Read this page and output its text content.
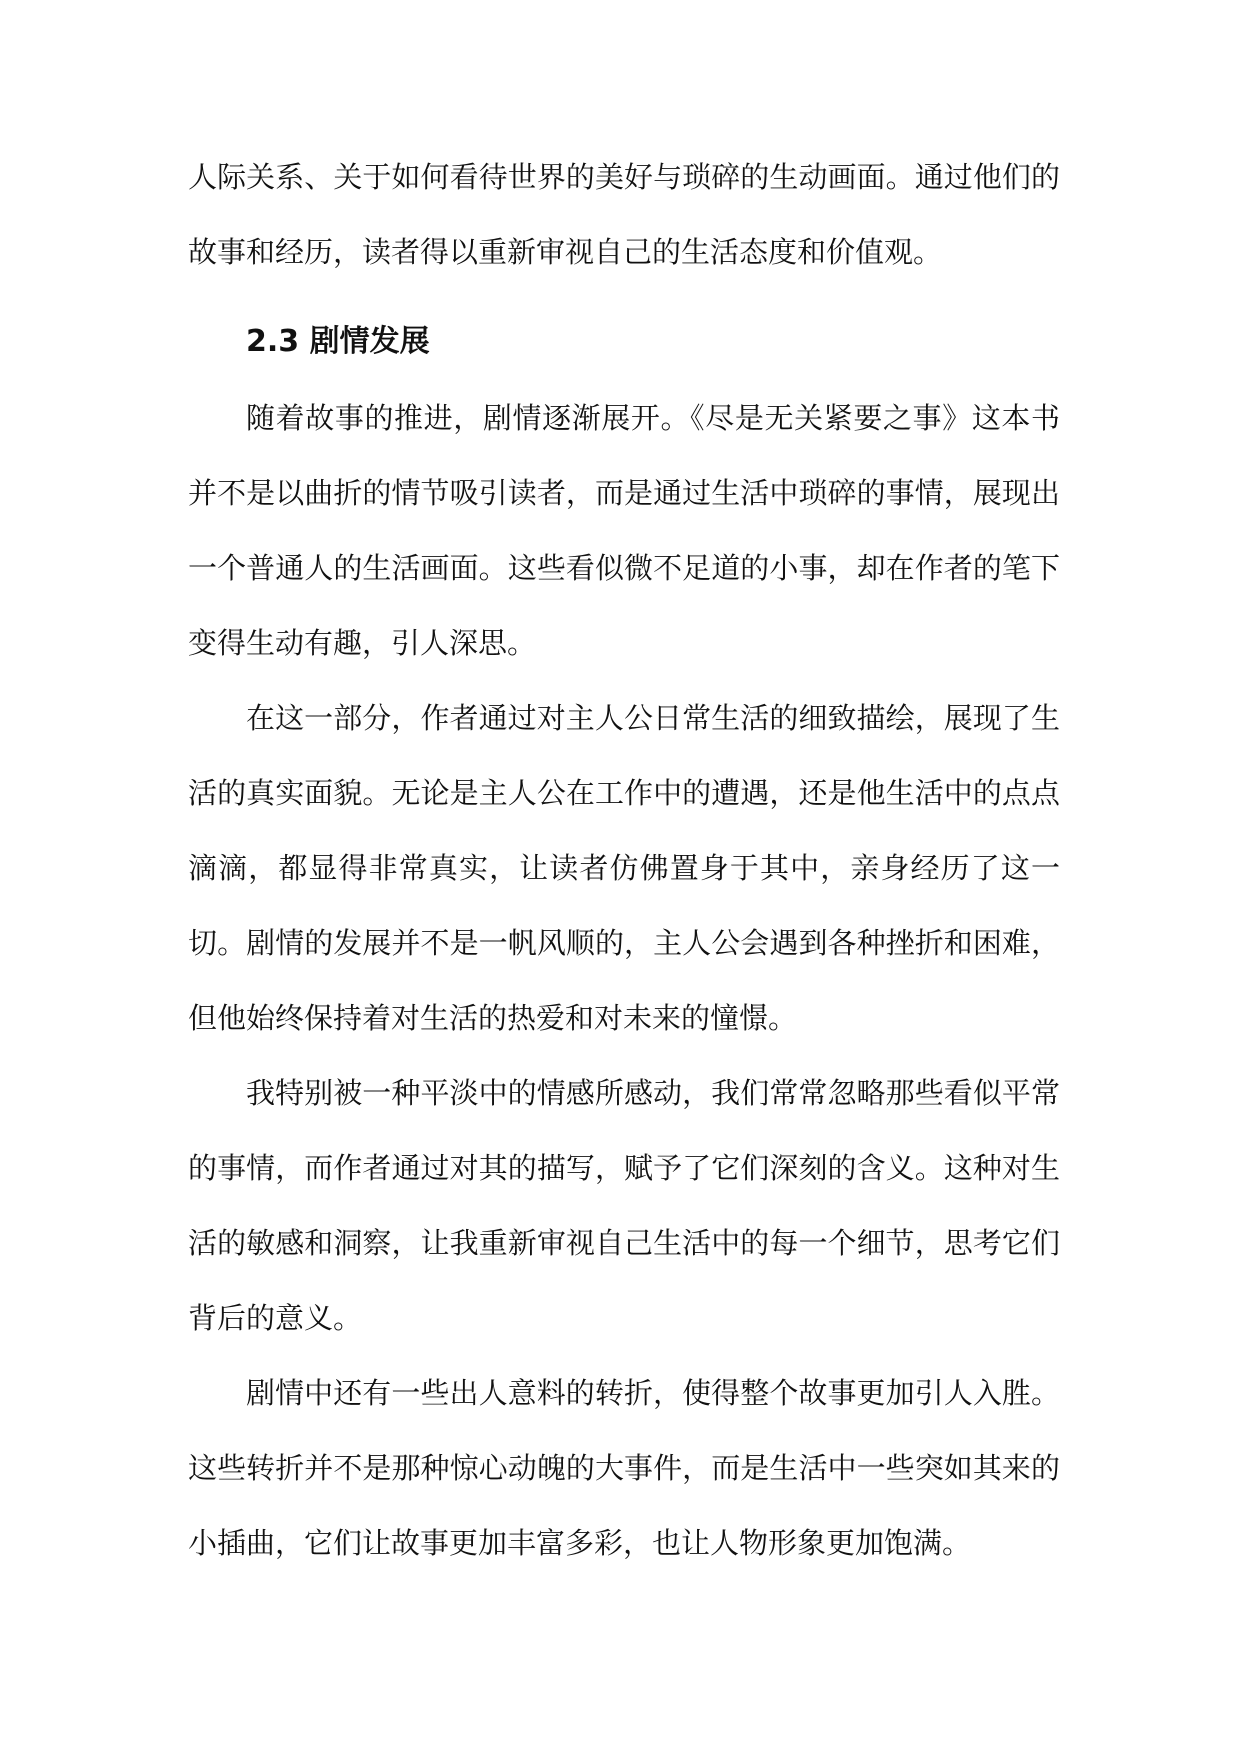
人际关系、关于如何看待世界的美好与琐碎的生动画面。通过他们的故事和经历，读者得以重新审视自己的生活态度和价值观。

2.3 剧情发展

随着故事的推进，剧情逐渐展开。《尽是无关紧要之事》这本书并不是以曲折的情节吸引读者，而是通过生活中琐碎的事情，展现出一个普通人的生活画面。这些看似微不足道的小事，却在作者的笔下变得生动有趣，引人深思。

在这一部分，作者通过对主人公日常生活的细致描绘，展现了生活的真实面貌。无论是主人公在工作中的遭遇，还是他生活中的点点滴滴，都显得非常真实，让读者仿佛置身于其中，亲身经历了这一切。剧情的发展并不是一帆风顺的，主人公会遇到各种挫折和困难，但他始终保持着对生活的热爱和对未来的憧憬。

我特别被一种平淡中的情感所感动，我们常常忽略那些看似平常的事情，而作者通过对其的描写，赋予了它们深刻的含义。这种对生活的敏感和洞察，让我重新审视自己生活中的每一个细节，思考它们背后的意义。

剧情中还有一些出人意料的转折，使得整个故事更加引人入胜。这些转折并不是那种惊心动魄的大事件，而是生活中一些突如其来的小插曲，它们让故事更加丰富多彩，也让人物形象更加饱满。
